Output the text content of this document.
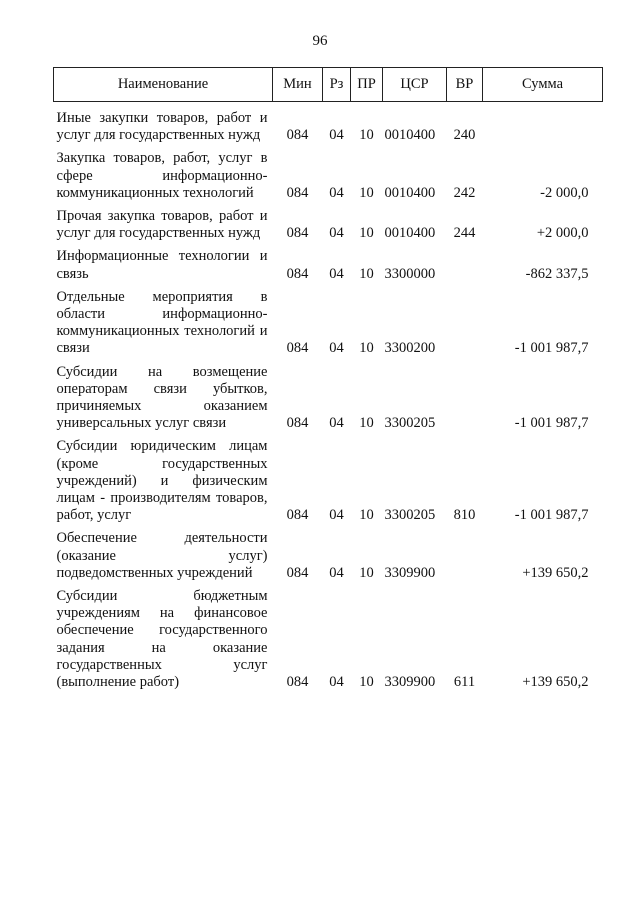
96
Наименование	Мин	Рз	ПР	ЦСР	ВР	Сумма

Иные закупки товаров, работ и услуг для государственных нужд	084	04	10	0010400	240	
Закупка товаров, работ, услуг в сфере информационно-коммуникационных технологий	084	04	10	0010400	242	-2 000,0
Прочая закупка товаров, работ и услуг для государственных нужд	084	04	10	0010400	244	+2 000,0
Информационные технологии и связь	084	04	10	3300000		-862 337,5
Отдельные мероприятия в области информационно-коммуникационных технологий и связи	084	04	10	3300200		-1 001 987,7
Субсидии на возмещение операторам связи убытков, причиняемых оказанием универсальных услуг связи	084	04	10	3300205		-1 001 987,7
Субсидии юридическим лицам (кроме государственных учреждений) и физическим лицам - производителям товаров, работ, услуг	084	04	10	3300205	810	-1 001 987,7
Обеспечение деятельности (оказание услуг) подведомственных учреждений	084	04	10	3309900		+139 650,2
Субсидии бюджетным учреждениям на финансовое обеспечение государственного задания на оказание государственных услуг (выполнение работ)	084	04	10	3309900	611	+139 650,2
